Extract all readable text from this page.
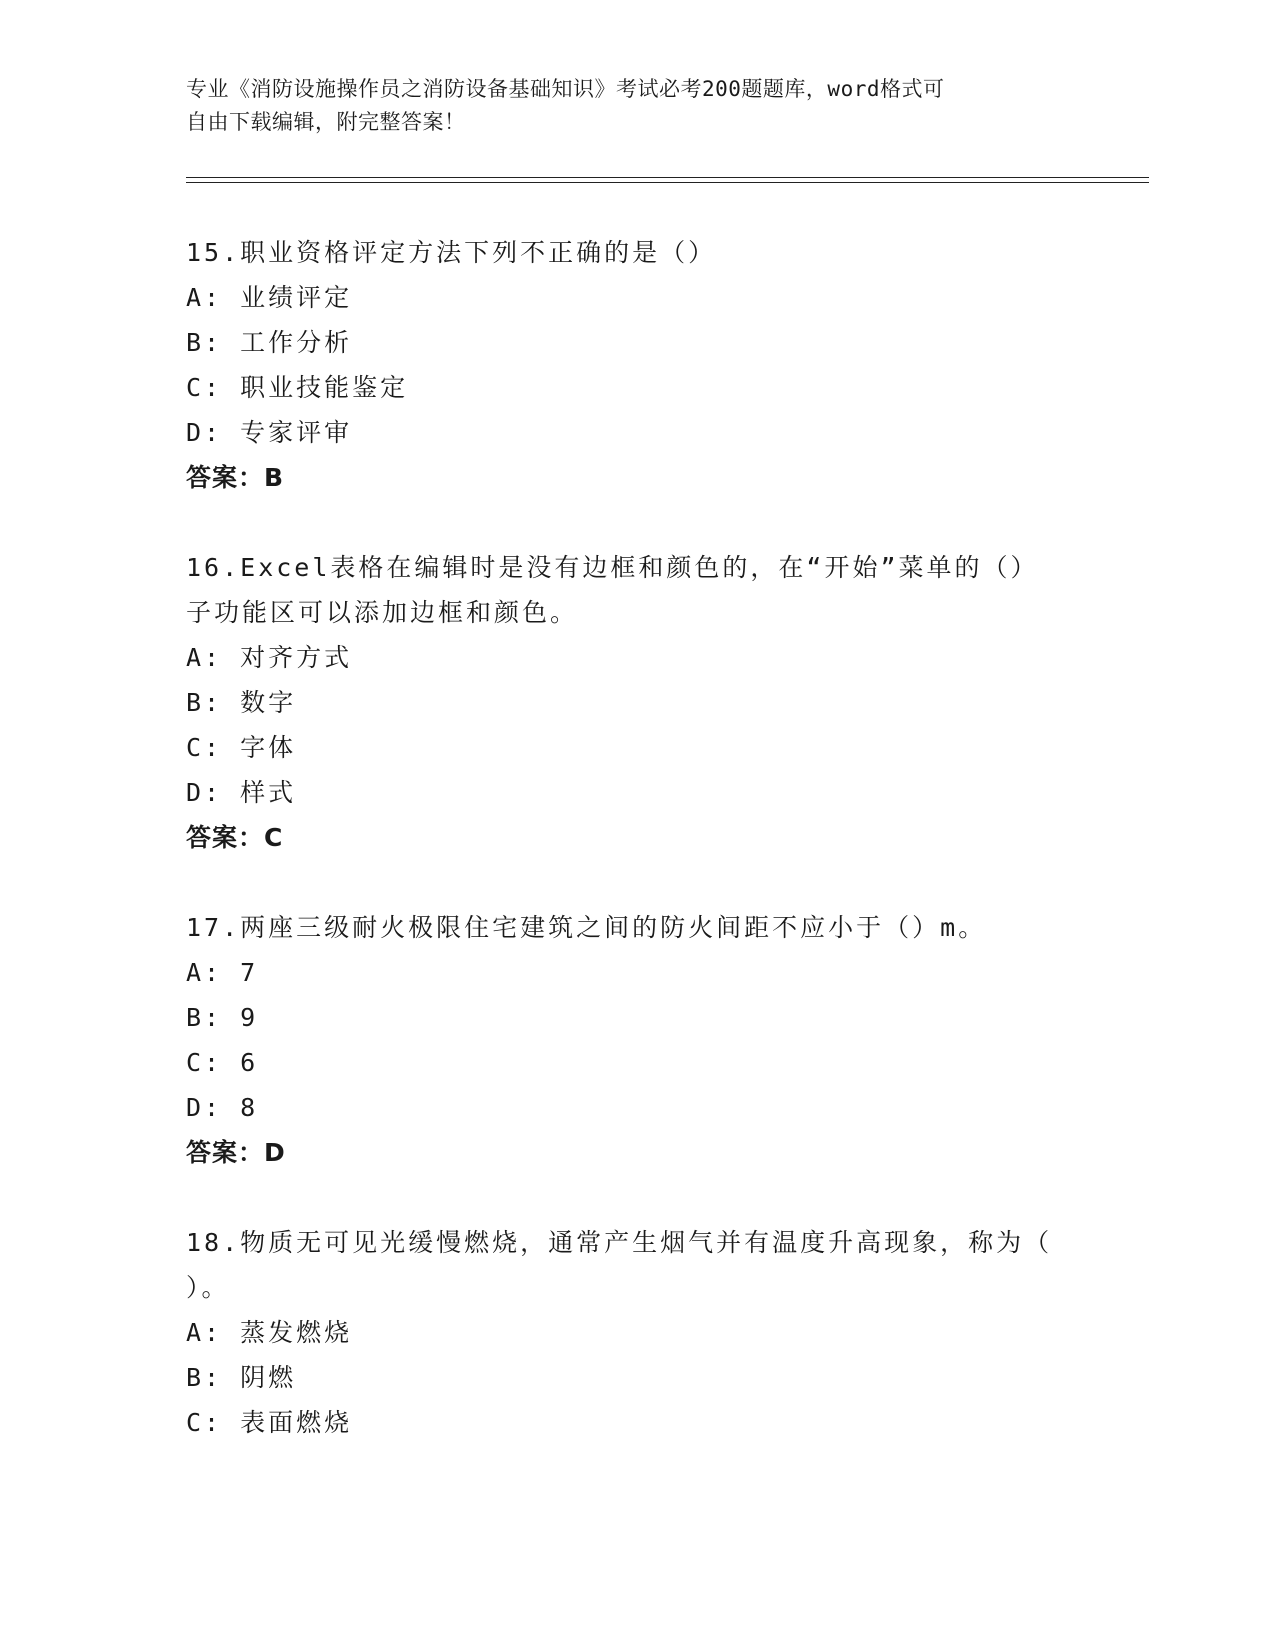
专业《消防设施操作员之消防设备基础知识》考试必考200题题库，word格式可
自由下载编辑，附完整答案！
15.职业资格评定方法下列不正确的是（）
A: 业绩评定
B: 工作分析
C: 职业技能鉴定
D: 专家评审
答案：B
16.Excel表格在编辑时是没有边框和颜色的，在“开始”菜单的（）
子功能区可以添加边框和颜色。
A: 对齐方式
B: 数字
C: 字体
D: 样式
答案：C
17.两座三级耐火极限住宅建筑之间的防火间距不应小于（）m。
A: 7
B: 9
C: 6
D: 8
答案：D
18.物质无可见光缓慢燃烧，通常产生烟气并有温度升高现象，称为（
）。
A: 蒸发燃烧
B: 阴燃
C: 表面燃烧
